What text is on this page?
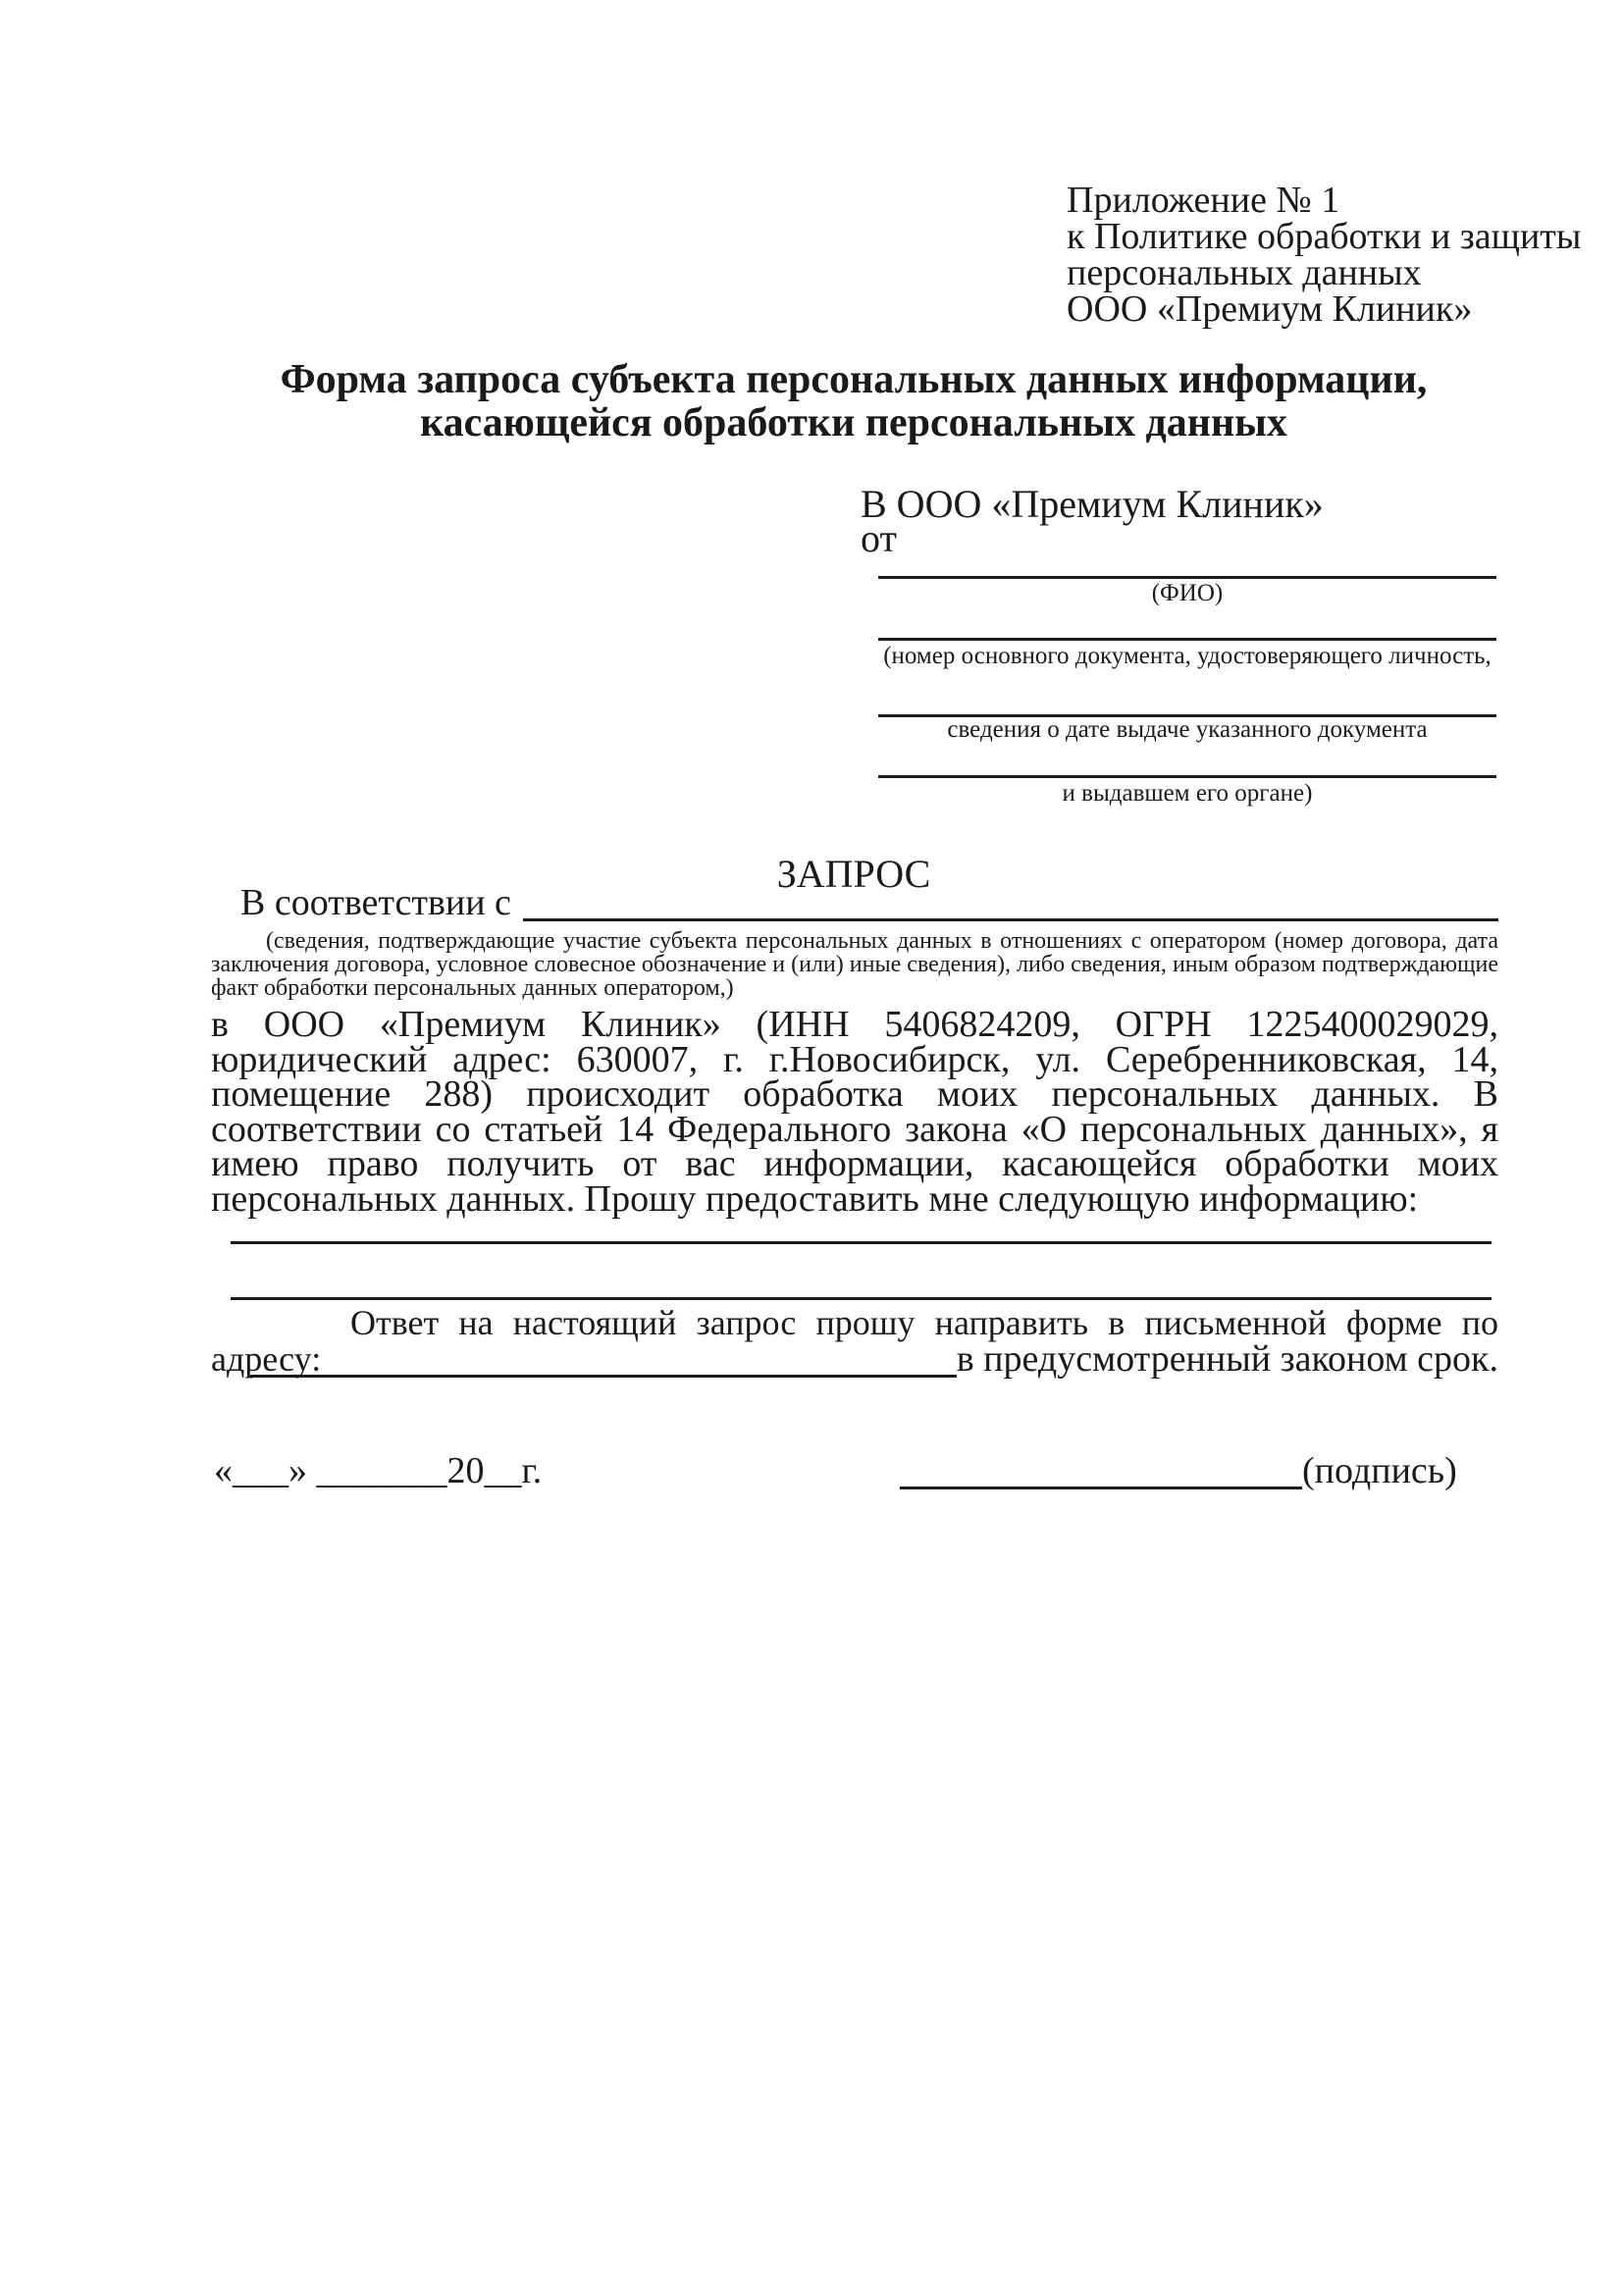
Приложение № 1
к Политике обработки и защиты
персональных данных
ООО «Премиум Клиник»
Форма запроса субъекта персональных данных информации,
касающейся обработки персональных данных
В ООО «Премиум Клиник»
от
(ФИО)
(номер основного документа, удостоверяющего личность,
сведения о дате выдаче указанного документа
и выдавшем его органе)
ЗАПРОС
В соответствии с
(сведения, подтверждающие участие субъекта персональных данных в отношениях с оператором (номер договора, дата заключения договора, условное словесное обозначение и (или) иные сведения), либо сведения, иным образом подтверждающие факт обработки персональных данных оператором,)
в ООО «Премиум Клиник» (ИНН 5406824209, ОГРН 1225400029029, юридический адрес: 630007, г. г.Новосибирск, ул. Серебренниковская, 14, помещение 288) происходит обработка моих персональных данных. В соответствии со статьей 14 Федерального закона «О персональных данных», я имею право получить от вас информации, касающейся обработки моих персональных данных. Прошу предоставить мне следующую информацию:
Ответ на настоящий запрос прошу направить в письменной форме по адресу:	в предусмотренный законом срок.
«___» _______20__г.	(подпись)
